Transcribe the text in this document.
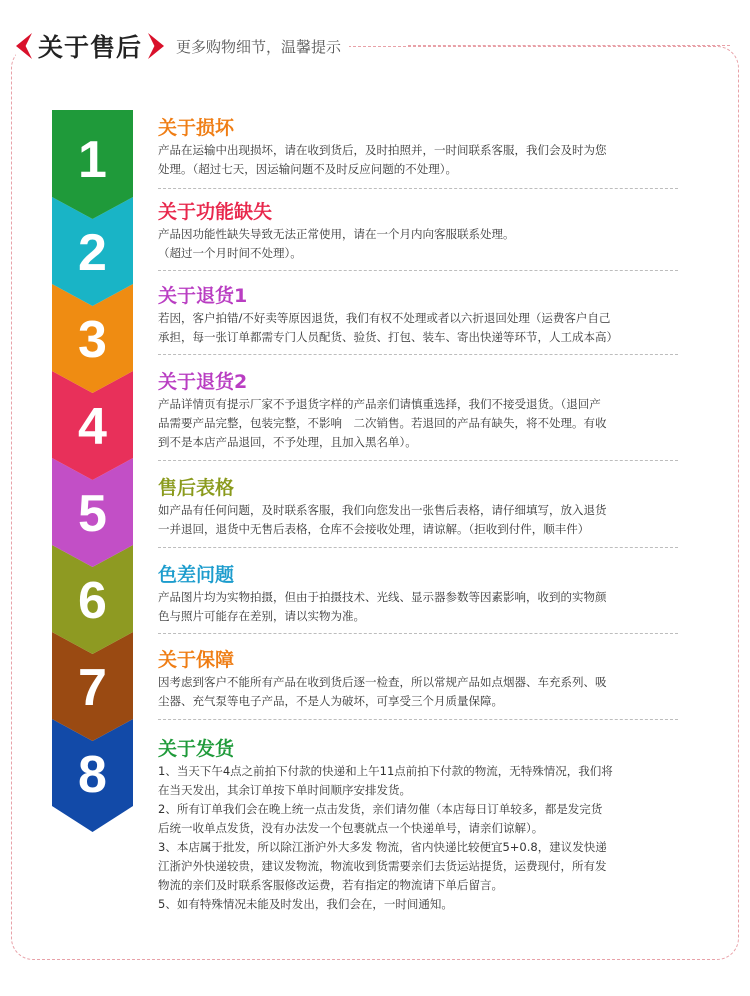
关于售后	更多购物细节，温馨提示
1
2
3
4
5
6
7
8
关于损坏

产品在运输中出现损坏，请在收到货后，及时拍照并，一时间联系客服，我们会及时为您

处理。（超过七天，因运输问题不及时反应问题的不处理）。

关于功能缺失

产品因功能性缺失导致无法正常使用，请在一个月内向客服联系处理。

（超过一个月时间不处理）。

关于退货1

若因，客户拍错/不好卖等原因退货，我们有权不处理或者以六折退回处理（运费客户自己

承担，每一张订单都需专门人员配货、验货、打包、装车、寄出快递等环节，人工成本高）

关于退货2

产品详情页有提示厂家不予退货字样的产品亲们请慎重选择，我们不接受退货。（退回产

品需要产品完整，包装完整，不影响　二次销售。若退回的产品有缺失，将不处理。有收

到不是本店产品退回，不予处理，且加入黑名单）。

售后表格

如产品有任何问题，及时联系客服，我们向您发出一张售后表格，请仔细填写，放入退货

一并退回，退货中无售后表格，仓库不会接收处理，请谅解。（拒收到付件，顺丰件）

色差问题

产品图片均为实物拍摄，但由于拍摄技术、光线、显示器参数等因素影响，收到的实物颜

色与照片可能存在差别，请以实物为准。

关于保障

因考虑到客户不能所有产品在收到货后逐一检查，所以常规产品如点烟器、车充系列、吸

尘器、充气泵等电子产品，不是人为破坏，可享受三个月质量保障。

关于发货

1、当天下午4点之前拍下付款的快递和上午11点前拍下付款的物流，无特殊情况，我们将

在当天发出，其余订单按下单时间顺序安排发货。

2、所有订单我们会在晚上统一点击发货，亲们请勿催（本店每日订单较多，都是发完货

后统一收单点发货，没有办法发一个包裹就点一个快递单号，请亲们谅解）。

3、本店属于批发，所以除江浙沪外大多发 物流，省内快递比较便宜5+0.8，建议发快递

江浙沪外快递较贵，建议发物流，物流收到货需要亲们去货运站提货，运费现付，所有发

物流的亲们及时联系客服修改运费，若有指定的物流请下单后留言。

5、如有特殊情况未能及时发出，我们会在，一时间通知。
